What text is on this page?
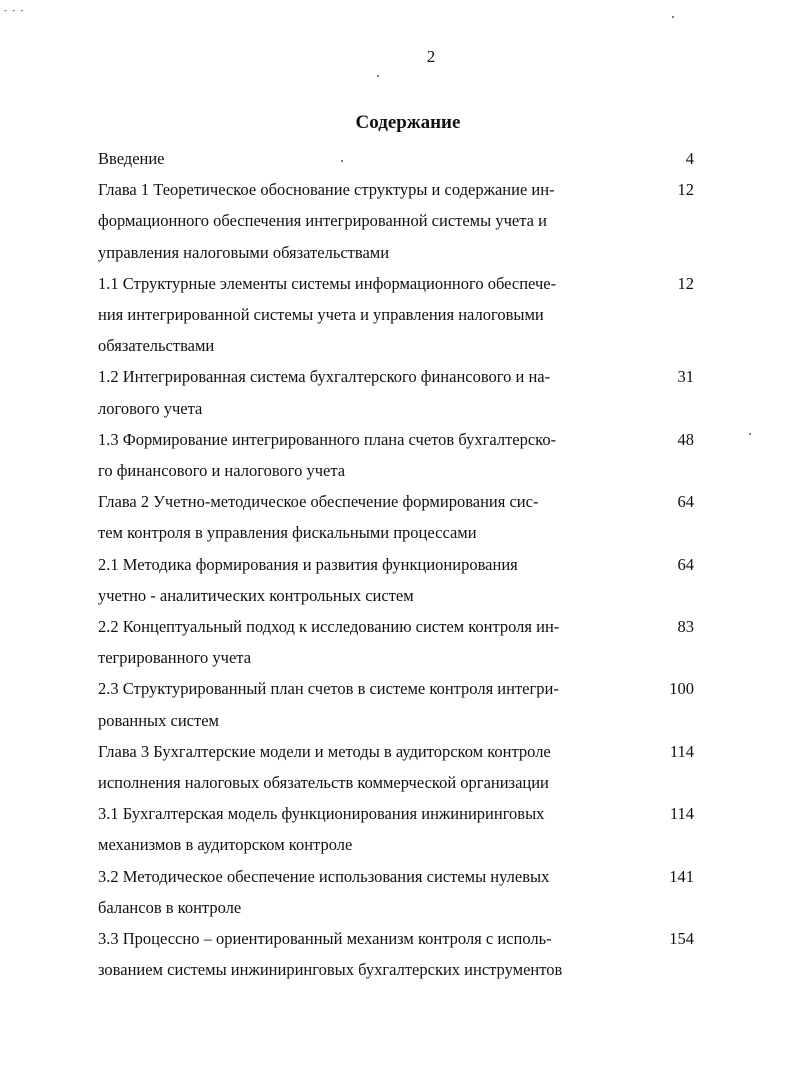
- - -
2
Содержание
Введение	4
Глава 1 Теоретическое обоснование структуры и содержание ин-
формационного обеспечения интегрированной системы учета и
управления налоговыми обязательствами
12
1.1 Структурные элементы системы информационного обеспече-
ния интегрированной системы учета и управления налоговыми
обязательствами
12
1.2 Интегрированная система бухгалтерского финансового и на-
логового учета
31
1.3 Формирование интегрированного плана счетов бухгалтерско-
го финансового и налогового учета
48
Глава 2 Учетно-методическое обеспечение формирования сис-
тем контроля в управления фискальными процессами
64
2.1 Методика формирования и развития функционирования
учетно - аналитических контрольных систем
64
2.2 Концептуальный подход к исследованию систем контроля ин-
тегрированного учета
83
2.3 Структурированный план счетов в системе контроля интегри-
рованных систем
100
Глава 3 Бухгалтерские модели и методы в аудиторском контроле
исполнения налоговых обязательств коммерческой организации
114
3.1 Бухгалтерская модель функционирования инжиниринговых
механизмов в аудиторском контроле
114
3.2 Методическое обеспечение использования системы нулевых
балансов в контроле
141
3.3 Процессно – ориентированный механизм контроля с исполь-
зованием системы инжиниринговых бухгалтерских инструментов
154
